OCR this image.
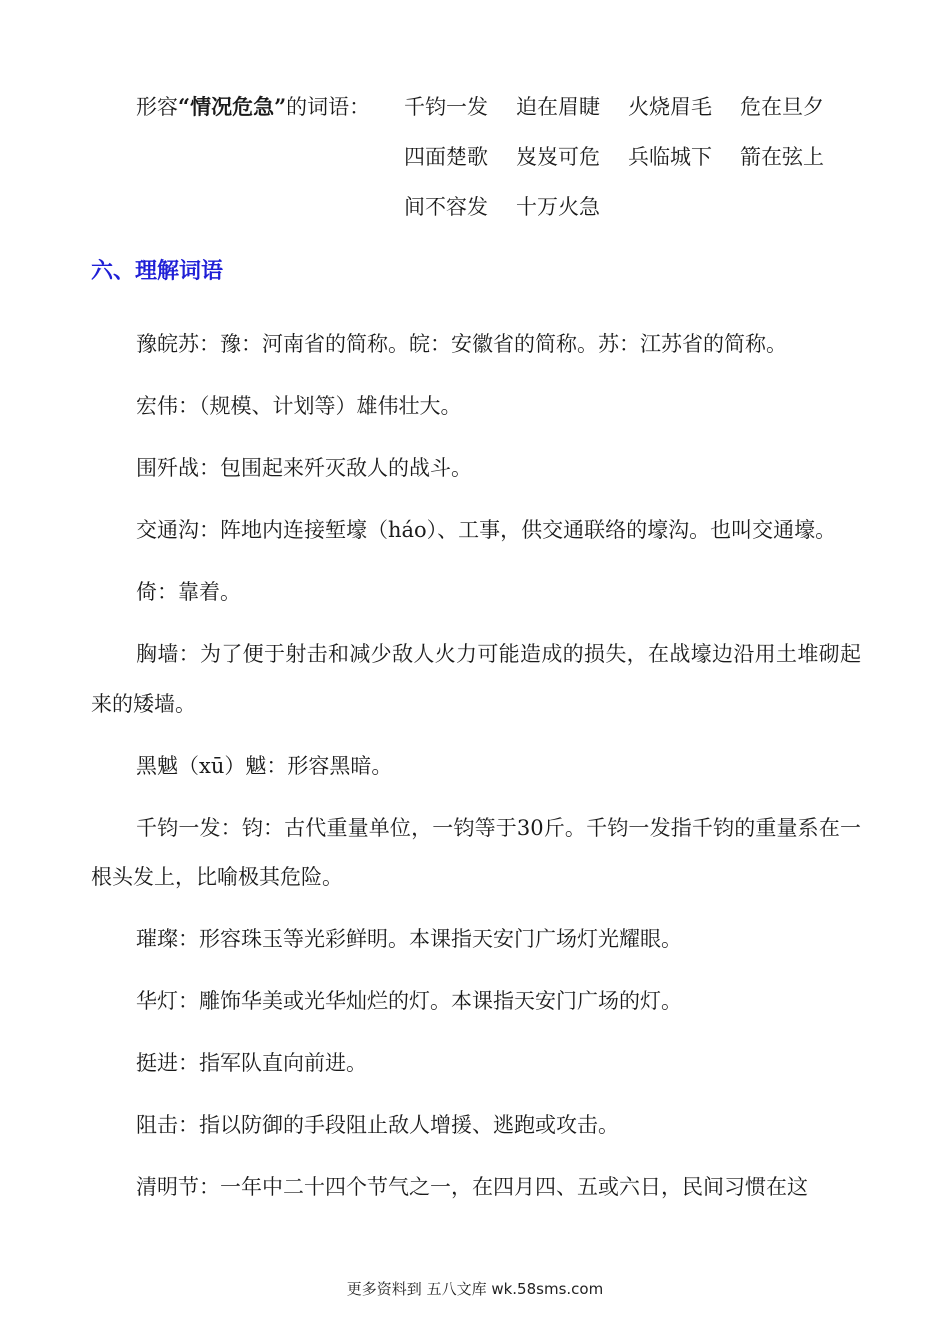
形容“情况危急”的词语：	千钧一发	迫在眉睫	火烧眉毛	危在旦夕
四面楚歌	岌岌可危	兵临城下	箭在弦上
间不容发	十万火急
六、理解词语

豫皖苏：豫：河南省的简称。皖：安徽省的简称。苏：江苏省的简称。

宏伟：（规模、计划等）雄伟壮大。

围歼战：包围起来歼灭敌人的战斗。

交通沟：阵地内连接堑壕（háo）、工事，供交通联络的壕沟。也叫交通壕。

倚：靠着。

胸墙：为了便于射击和减少敌人火力可能造成的损失，在战壕边沿用土堆砌起来的矮墙。

黑魆（xū）魆：形容黑暗。

千钧一发：钧：古代重量单位，一钧等于30斤。千钧一发指千钧的重量系在一根头发上，比喻极其危险。

璀璨：形容珠玉等光彩鲜明。本课指天安门广场灯光耀眼。

华灯：雕饰华美或光华灿烂的灯。本课指天安门广场的灯。

挺进：指军队直向前进。

阻击：指以防御的手段阻止敌人增援、逃跑或攻击。

清明节：一年中二十四个节气之一，在四月四、五或六日，民间习惯在这

更多资料到 五八文库 wk.58sms.com
